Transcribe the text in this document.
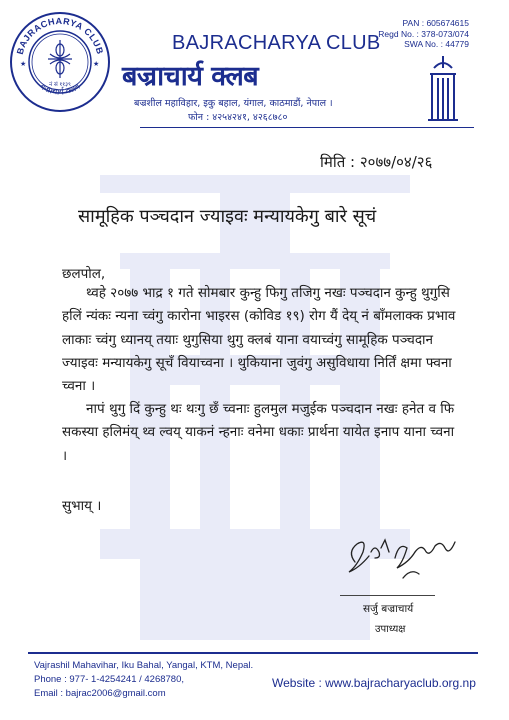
BAJRACHARYA CLUB
बज्राचार्य क्लब
नं सं ११३९
★	★
BAJRACHARYA CLUB
बज्राचार्य क्लब
बज्रशील महाविहार, इकु बहाल, यंगाल, काठमाडौं, नेपाल ।
फोन : ४२५४२४१, ४२६८७८०
PAN : 605674615
Regd No. : 378-073/074
SWA No. : 44779
मिति : २०७७/०४/२६
सामूहिक पञ्चदान ज्याइवः मन्यायकेगु बारे सूचं
छलपोल,
थ्वहे २०७७ भाद्र १ गते सोमबार कुन्हु फिगु तजिगु नखः पञ्चदान कुन्हु थुगुसि हलिं न्यंकः न्यना च्वंगु कारोना भाइरस (कोविड १९) रोग यैं देय् नं बाँमलाक्क प्रभाव लाकाः च्वंगु ध्यानय् तयाः थुगुसिया थुगु क्लबं याना वयाच्वंगु सामूहिक पञ्चदान ज्याइवः मन्यायकेगु सूचँ वियाच्वना । थुकियाना जुवंगु असुविधाया निर्तिं क्षमा फ्वना च्वना ।
नापं थुगु दिं कुन्हु थः थःगु छँ च्वनाः हुलमुल मजुईक पञ्चदान नखः हनेत व फि सकस्या हलिमंय् थ्व ल्वय् याकनं न्हनाः वनेमा धकाः प्रार्थना यायेत इनाप याना च्वना ।
सुभाय् ।
सर्जु बज्राचार्य
उपाध्यक्ष
Vajrashil Mahavihar, Iku Bahal, Yangal, KTM, Nepal.
Phone : 977- 1-4254241 / 4268780,
Email : bajrac2006@gmail.com
Website : www.bajracharyaclub.org.np
